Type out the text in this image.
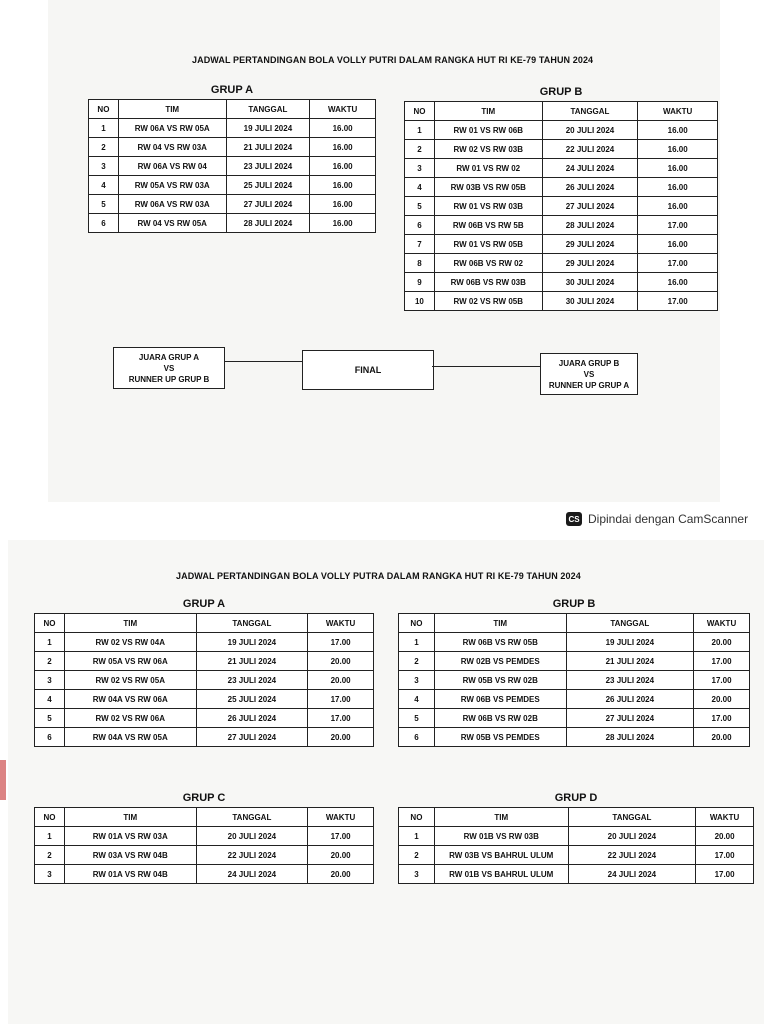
JADWAL PERTANDINGAN BOLA VOLLY PUTRI DALAM RANGKA HUT RI KE-79 TAHUN 2024
GRUP A
NO	TIM	TANGGAL	WAKTU
1	RW 06A VS RW 05A	19 JULI 2024	16.00
2	RW 04 VS RW 03A	21 JULI 2024	16.00
3	RW 06A VS RW 04	23 JULI 2024	16.00
4	RW 05A VS RW 03A	25 JULI 2024	16.00
5	RW 06A VS RW 03A	27 JULI 2024	16.00
6	RW 04 VS RW 05A	28 JULI 2024	16.00
GRUP B
NO	TIM	TANGGAL	WAKTU
1	RW 01 VS RW 06B	20 JULI 2024	16.00
2	RW 02 VS RW 03B	22 JULI 2024	16.00
3	RW 01 VS RW 02	24 JULI 2024	16.00
4	RW 03B VS RW 05B	26 JULI 2024	16.00
5	RW 01 VS RW 03B	27 JULI 2024	16.00
6	RW 06B VS RW 5B	28 JULI 2024	17.00
7	RW 01 VS RW 05B	29 JULI 2024	16.00
8	RW 06B VS RW 02	29 JULI 2024	17.00
9	RW 06B VS RW 03B	30 JULI 2024	16.00
10	RW 02 VS RW 05B	30 JULI 2024	17.00
JUARA GRUP A
VS
RUNNER UP GRUP B
FINAL
JUARA GRUP B
VS
RUNNER UP GRUP A
CS Dipindai dengan CamScanner
JADWAL PERTANDINGAN BOLA VOLLY PUTRA DALAM RANGKA HUT RI KE-79 TAHUN 2024
GRUP A
NO	TIM	TANGGAL	WAKTU
1	RW 02 VS RW 04A	19 JULI 2024	17.00
2	RW 05A VS RW 06A	21 JULI 2024	20.00
3	RW 02 VS RW 05A	23 JULI 2024	20.00
4	RW 04A VS RW 06A	25 JULI 2024	17.00
5	RW 02 VS RW 06A	26 JULI 2024	17.00
6	RW 04A VS RW 05A	27 JULI 2024	20.00
GRUP B
NO	TIM	TANGGAL	WAKTU
1	RW 06B VS RW 05B	19 JULI 2024	20.00
2	RW 02B VS PEMDES	21 JULI 2024	17.00
3	RW 05B VS RW 02B	23 JULI 2024	17.00
4	RW 06B VS PEMDES	26 JULI 2024	20.00
5	RW 06B VS RW 02B	27 JULI 2024	17.00
6	RW 05B VS PEMDES	28 JULI 2024	20.00
GRUP C
NO	TIM	TANGGAL	WAKTU
1	RW 01A VS RW 03A	20 JULI 2024	17.00
2	RW 03A VS RW 04B	22 JULI 2024	20.00
3	RW 01A VS RW 04B	24 JULI 2024	20.00
GRUP D
NO	TIM	TANGGAL	WAKTU
1	RW 01B VS RW 03B	20 JULI 2024	20.00
2	RW 03B VS BAHRUL ULUM	22 JULI 2024	17.00
3	RW 01B VS BAHRUL ULUM	24 JULI 2024	17.00
